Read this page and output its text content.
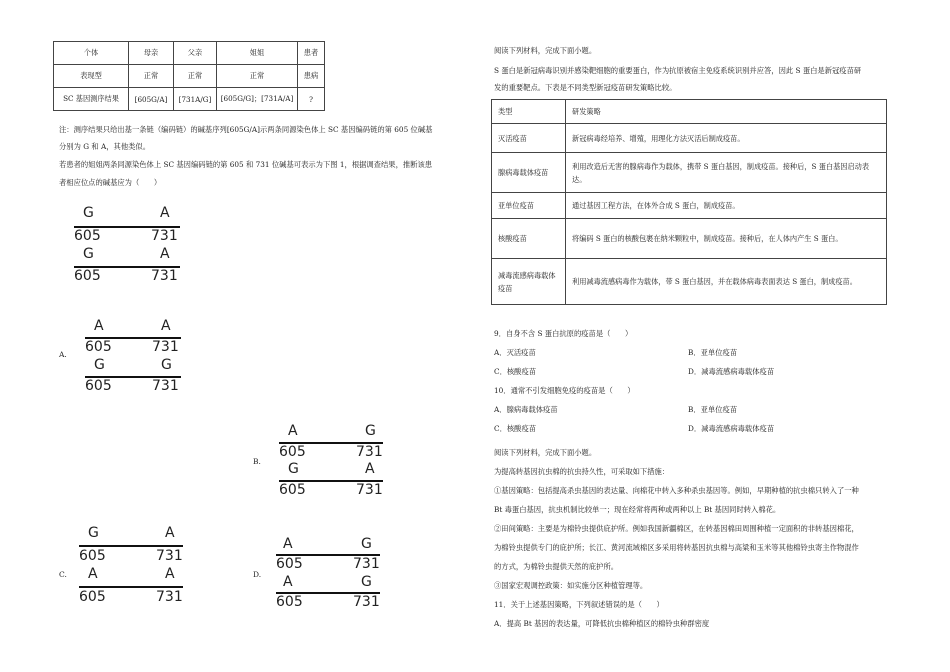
个体	母亲	父亲	姐姐	患者
表现型	正常	正常	正常	患病
SC 基因测序结果	[605G/A]	[731A/G]	[605G/G]；[731A/A]	?
注：测序结果只给出基一条链（编码链）的碱基序列[605G/A]示两条同源染色体上 SC 基因编码链的第 605 位碱基
分别为 G 和 A，其他类似。
若患者的姐姐两条同源染色体上 SC 基因编码链的第 605 和 731 位碱基可表示为下图 1，根据调查结果，推断该患
者相应位点的碱基应为（　　）
G	A
605	731
G	A
605	731
A.
A	A
605	731
G	G
605	731
B.
A	G
605	731
G	A
605	731
C.
G	A
605	731
A	A
605	731
D.
A	G
605	731
A	G
605	731
阅读下列材料，完成下面小题。
S 蛋白是新冠病毒识别并感染靶细胞的重要蛋白，作为抗原被宿主免疫系统识别并应答，因此 S 蛋白是新冠疫苗研
发的重要靶点。下表是不同类型新冠疫苗研发策略比较。
类型	研发策略
灭活疫苗	新冠病毒经培养、增殖，用理化方法灭活后制成疫苗。
腺病毒载体疫苗	利用改造后无害的腺病毒作为载体，携带 S 蛋白基因，制成疫苗。接种后，S 蛋白基因启动表达。
亚单位疫苗	通过基因工程方法，在体外合成 S 蛋白，制成疫苗。
核酸疫苗	将编码 S 蛋白的核酸包裹在纳米颗粒中，制成疫苗。接种后，在人体内产生 S 蛋白。
减毒流感病毒载体疫苗	利用减毒流感病毒作为载体，带 S 蛋白基因，并在载体病毒表面表达 S 蛋白，制成疫苗。
9．自身不含 S 蛋白抗原的疫苗是（　　）
A．灭活疫苗	B．亚单位疫苗
C．核酸疫苗	D．减毒流感病毒载体疫苗
10．通常不引发细胞免疫的疫苗是（　　）
A．腺病毒载体疫苗	B．亚单位疫苗
C．核酸疫苗	D．减毒流感病毒载体疫苗
阅读下列材料，完成下面小题。
为提高转基因抗虫棉的抗虫持久性，可采取如下措施：
①基因策略：包括提高杀虫基因的表达量、向棉花中转入多种杀虫基因等。例如，早期种植的抗虫棉只转入了一种
Bt 毒蛋白基因，抗虫机制比较单一；现在经常将两种或两种以上 Bt 基因同时转入棉花。
②田间策略：主要是为棉铃虫提供庇护所。例如我国新疆棉区，在转基因棉田周围种植一定面积的非转基因棉花，
为棉铃虫提供专门的庇护所；长江、黄河流域棉区多采用将转基因抗虫棉与高粱和玉米等其他棉铃虫寄主作物混作
的方式，为棉铃虫提供天然的庇护所。
③国家宏观调控政策：如实施分区种植管理等。
11．关于上述基因策略，下列叙述错误的是（　　）
A．提高 Bt 基因的表达量，可降低抗虫棉种植区的棉铃虫种群密度
